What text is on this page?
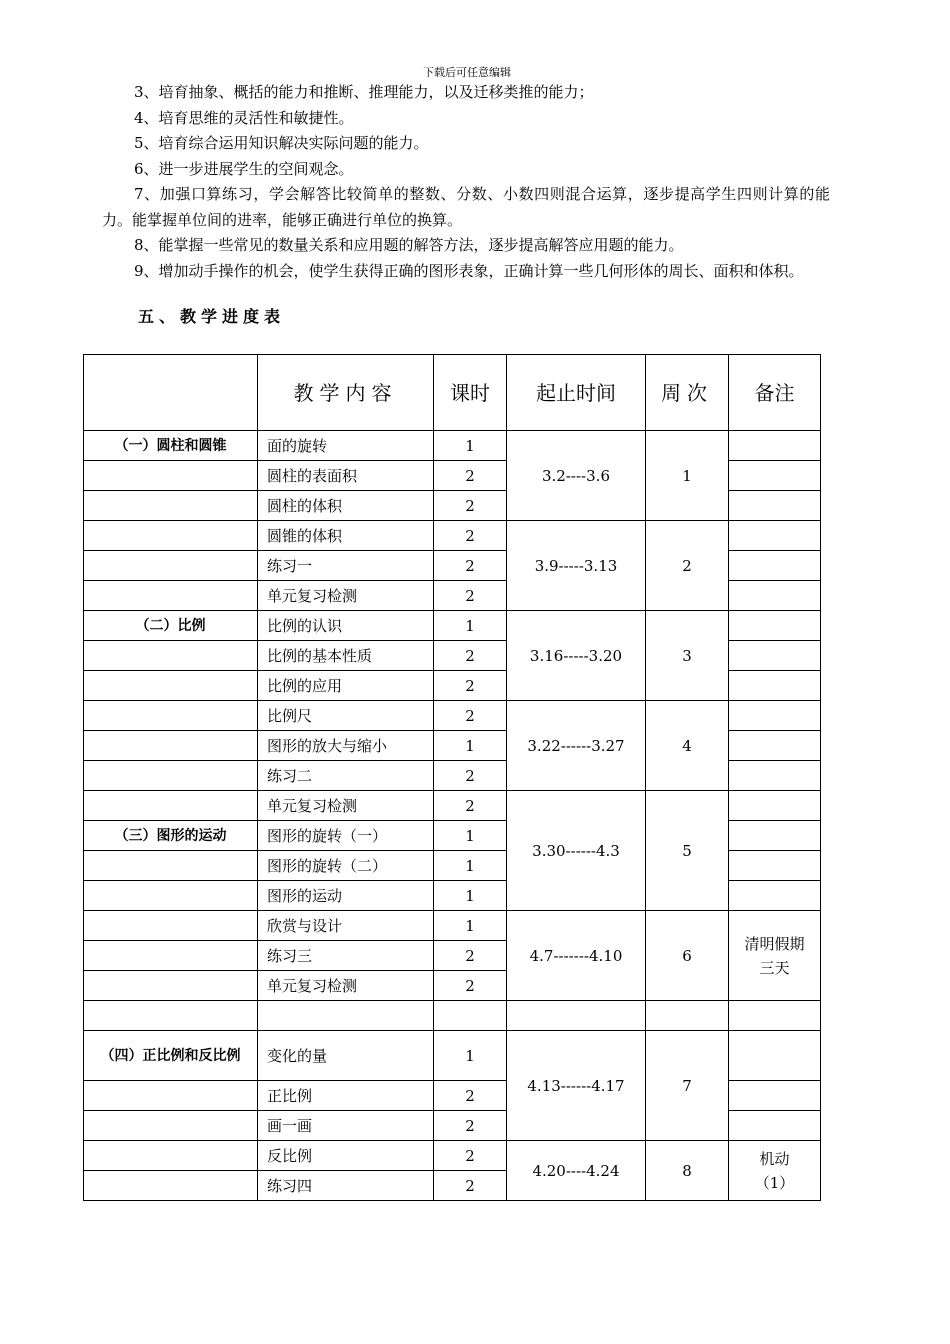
下载后可任意编辑

3、培育抽象、概括的能力和推断、推理能力，以及迁移类推的能力；

4、培育思维的灵活性和敏捷性。

5、培育综合运用知识解决实际问题的能力。

6、进一步进展学生的空间观念。

7、加强口算练习，学会解答比较简单的整数、分数、小数四则混合运算，逐步提高学生四则计算的能力。能掌握单位间的进率，能够正确进行单位的换算。

8、能掌握一些常见的数量关系和应用题的解答方法，逐步提高解答应用题的能力。

9、增加动手操作的机会，使学生获得正确的图形表象，正确计算一些几何形体的周长、面积和体积。

五、教学进度表
	教学内容	课时	起止时间	周次	备注
（一）圆柱和圆锥	面的旋转	1	3.2----3.6	1	
	圆柱的表面积	2			
	圆柱的体积	2			
	圆锥的体积	2	3.9-----3.13	2	
	练习一	2			
	单元复习检测	2			
（二）比例	比例的认识	1	3.16-----3.20	3	
	比例的基本性质	2			
	比例的应用	2			
	比例尺	2	3.22------3.27	4	
	图形的放大与缩小	1			
	练习二	2			
	单元复习检测	2	3.30------4.3	5	
（三）图形的运动	图形的旋转（一）	1			
	图形的旋转（二）	1			
	图形的运动	1			
	欣赏与设计	1	4.7-------4.10	6	清明假期三天
	练习三	2			
	单元复习检测	2			

（四）正比例和反比例	变化的量	1	4.13------4.17	7	
	正比例	2			
	画一画	2			
	反比例	2	4.20----4.24	8	机动（1）
	练习四	2			
